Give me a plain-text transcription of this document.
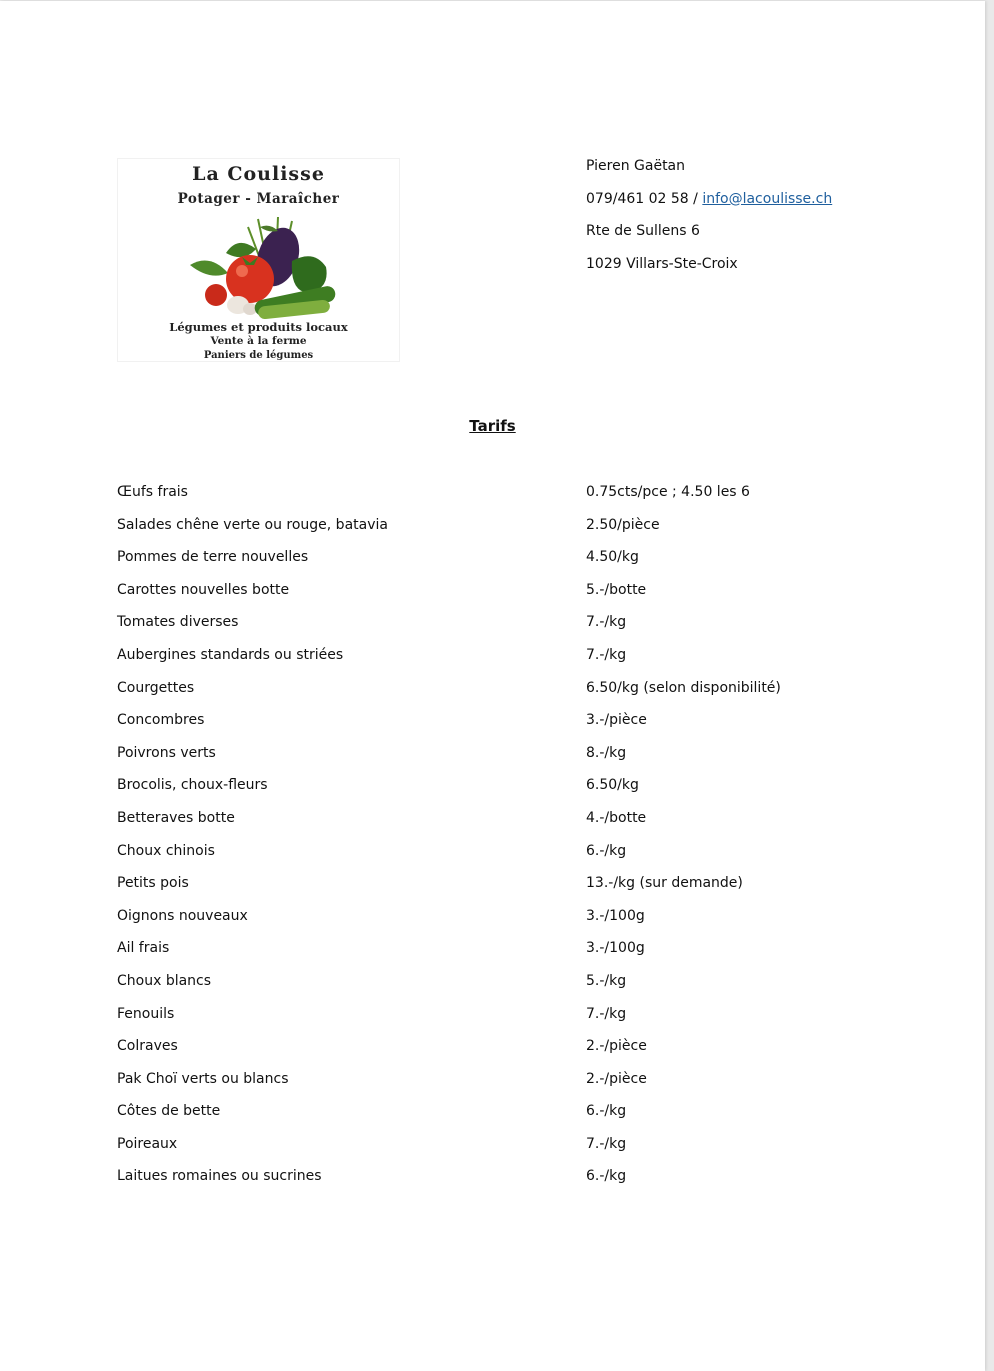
La Coulisse
Potager - Maraîcher
Légumes et produits locaux
Vente à la ferme
Paniers de légumes
Pieren Gaëtan
079/461 02 58 / info@lacoulisse.ch
Rte de Sullens 6
1029 Villars-Ste-Croix
Tarifs
Œufs frais	0.75cts/pce ; 4.50 les 6
Salades chêne verte ou rouge, batavia	2.50/pièce
Pommes de terre nouvelles	4.50/kg
Carottes nouvelles botte	5.-/botte
Tomates diverses	7.-/kg
Aubergines standards ou striées	7.-/kg
Courgettes	6.50/kg (selon disponibilité)
Concombres	3.-/pièce
Poivrons verts	8.-/kg
Brocolis, choux-fleurs	6.50/kg
Betteraves botte	4.-/botte
Choux chinois	6.-/kg
Petits pois	13.-/kg (sur demande)
Oignons nouveaux	3.-/100g
Ail frais	3.-/100g
Choux blancs	5.-/kg
Fenouils	7.-/kg
Colraves	2.-/pièce
Pak Choï verts ou blancs	2.-/pièce
Côtes de bette	6.-/kg
Poireaux	7.-/kg
Laitues romaines ou sucrines	6.-/kg
